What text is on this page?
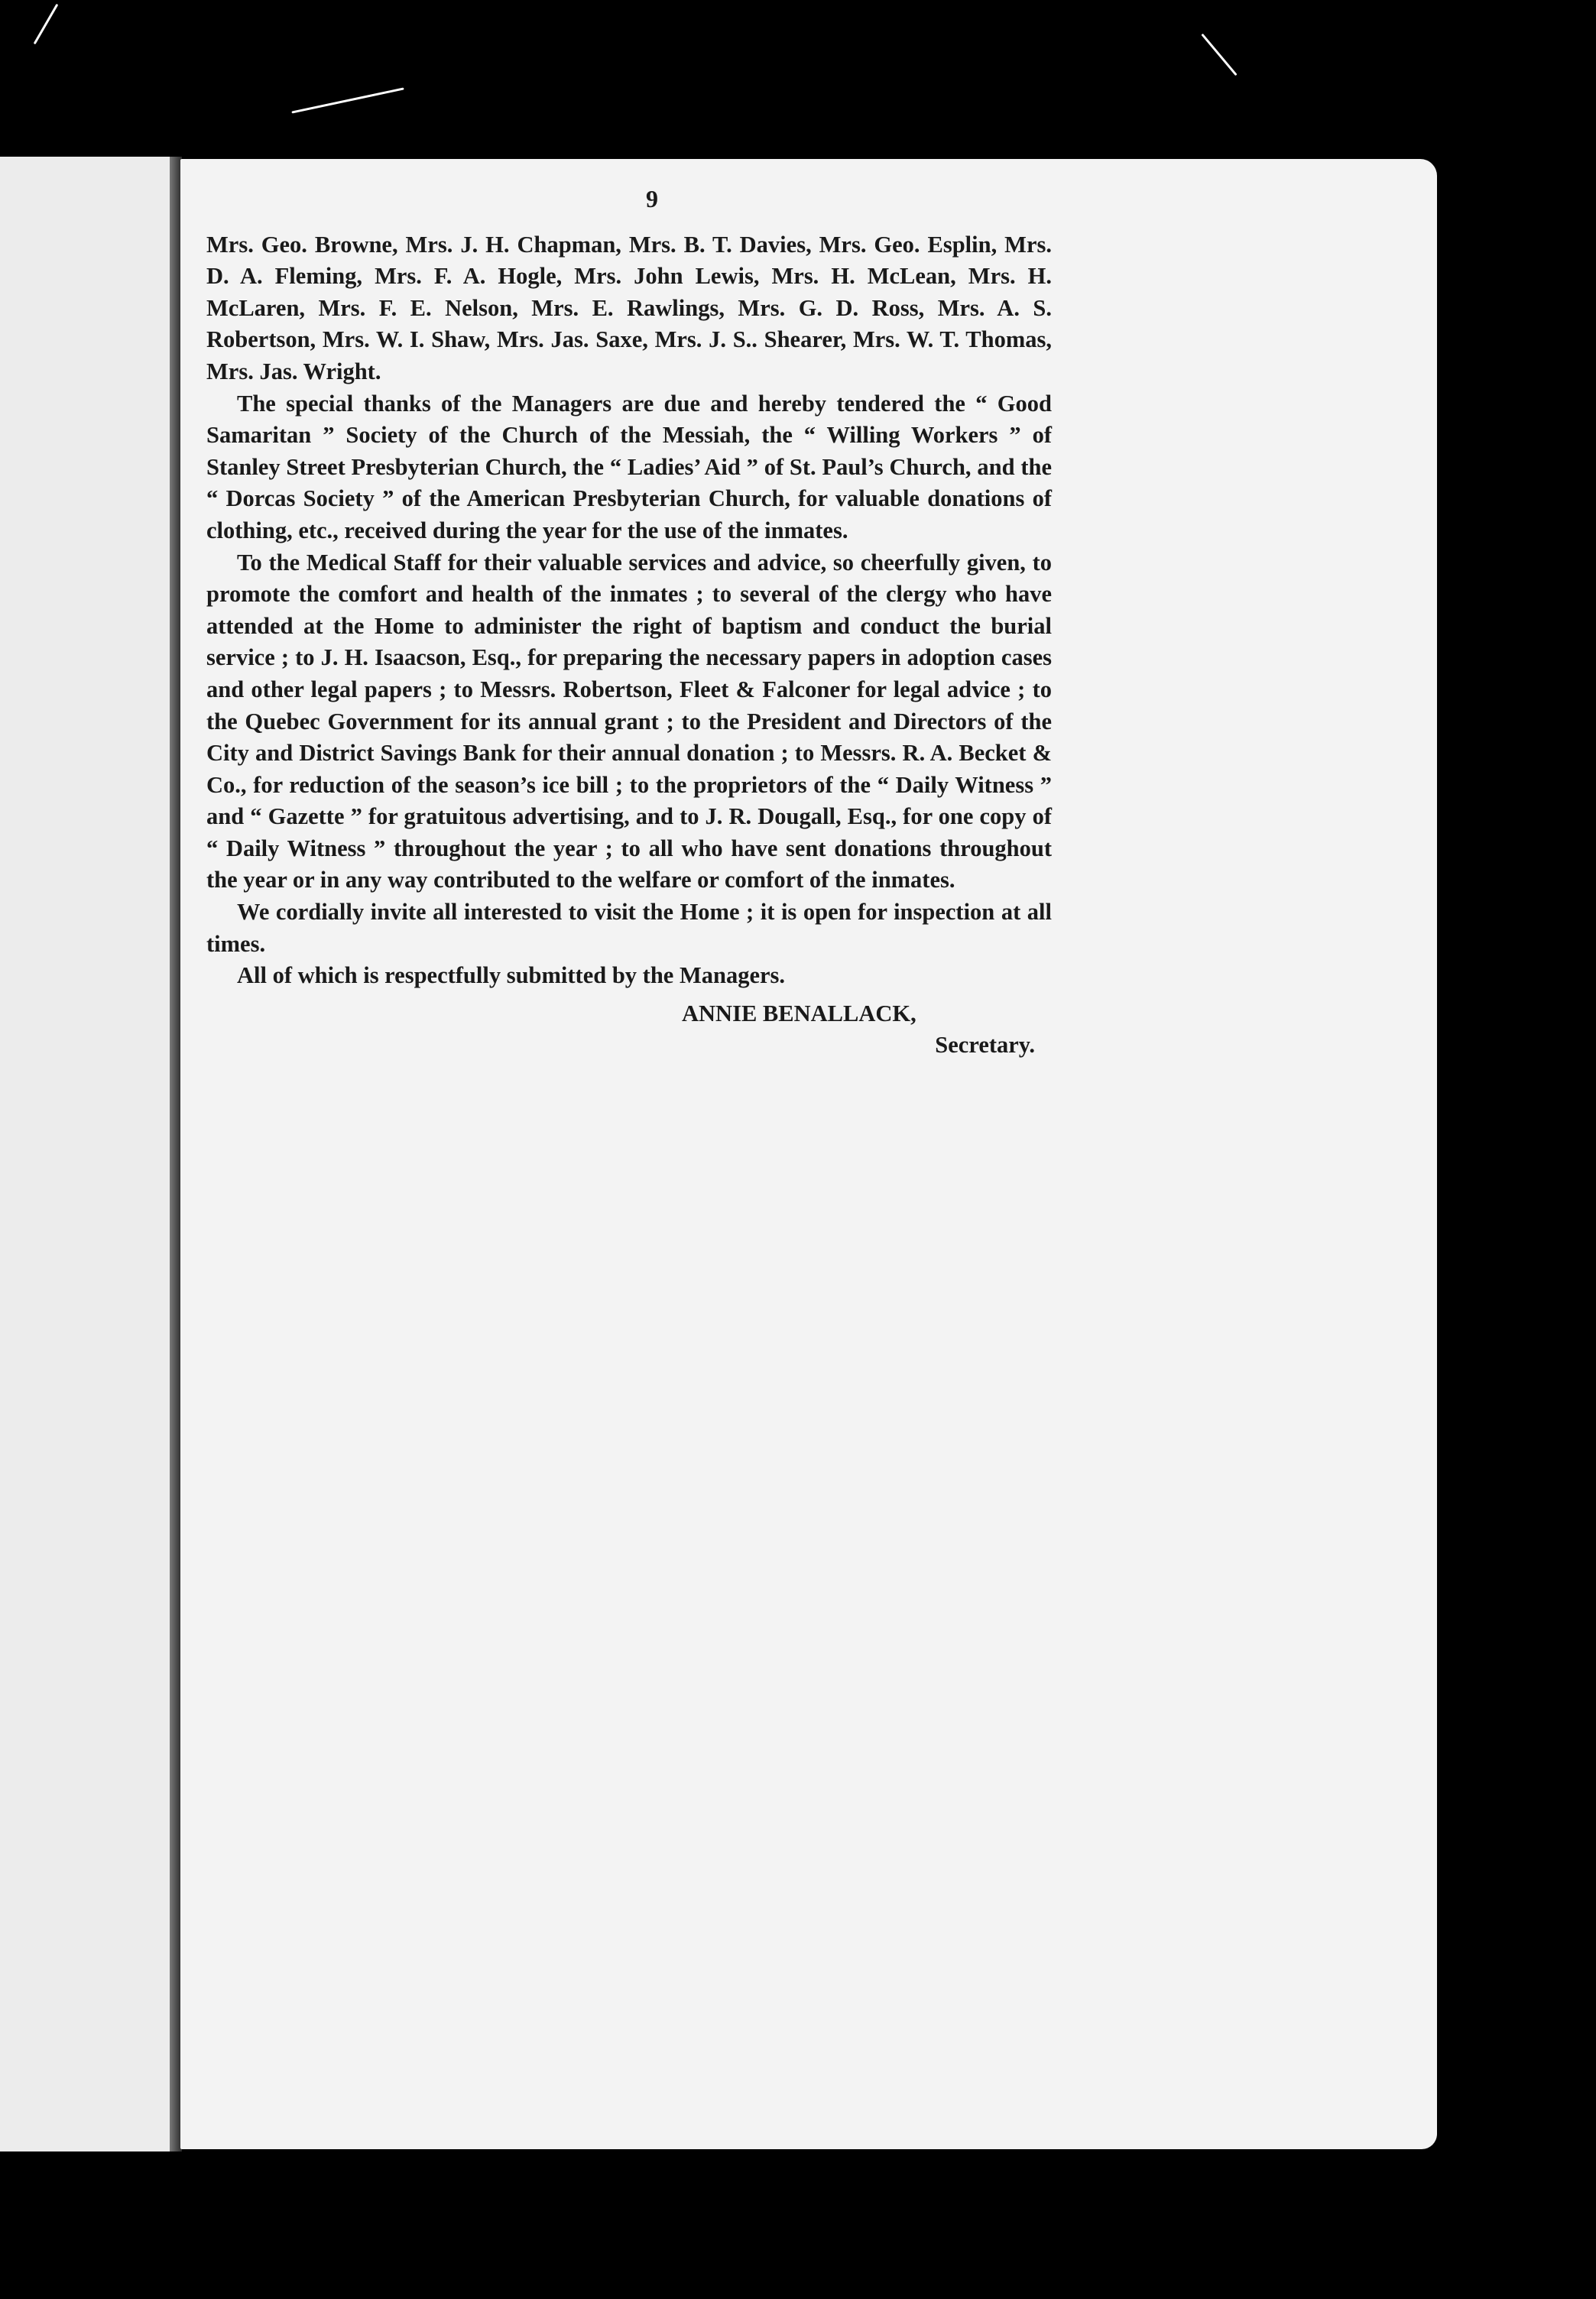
9

Mrs. Geo. Browne, Mrs. J. H. Chapman, Mrs. B. T. Davies, Mrs. Geo. Esplin, Mrs. D. A. Fleming, Mrs. F. A. Hogle, Mrs. John Lewis, Mrs. H. McLean, Mrs. H. McLaren, Mrs. F. E. Nelson, Mrs. E. Rawlings, Mrs. G. D. Ross, Mrs. A. S. Robertson, Mrs. W. I. Shaw, Mrs. Jas. Saxe, Mrs. J. S.. Shearer, Mrs. W. T. Thomas, Mrs. Jas. Wright.

The special thanks of the Managers are due and hereby tendered the “ Good Samaritan ” Society of the Church of the Messiah, the “ Willing Workers ” of Stanley Street Presbyterian Church, the “ Ladies’ Aid ” of St. Paul’s Church, and the “ Dorcas Society ” of the American Presbyterian Church, for valuable donations of clothing, etc., received during the year for the use of the inmates.

To the Medical Staff for their valuable services and advice, so cheerfully given, to promote the comfort and health of the inmates ; to several of the clergy who have attended at the Home to administer the right of baptism and conduct the burial service ; to J. H. Isaacson, Esq., for preparing the necessary papers in adoption cases and other legal papers ; to Messrs. Robertson, Fleet & Falconer for legal advice ; to the Quebec Government for its annual grant ; to the President and Directors of the City and District Savings Bank for their annual donation ; to Messrs. R. A. Becket & Co., for reduction of the season’s ice bill ; to the proprietors of the “ Daily Witness ” and “ Gazette ” for gratuitous advertising, and to J. R. Dougall, Esq., for one copy of “ Daily Witness ” throughout the year ; to all who have sent donations throughout the year or in any way contributed to the welfare or comfort of the inmates.

We cordially invite all interested to visit the Home ; it is open for inspection at all times.

All of which is respectfully submitted by the Managers.

ANNIE BENALLACK,
Secretary.
